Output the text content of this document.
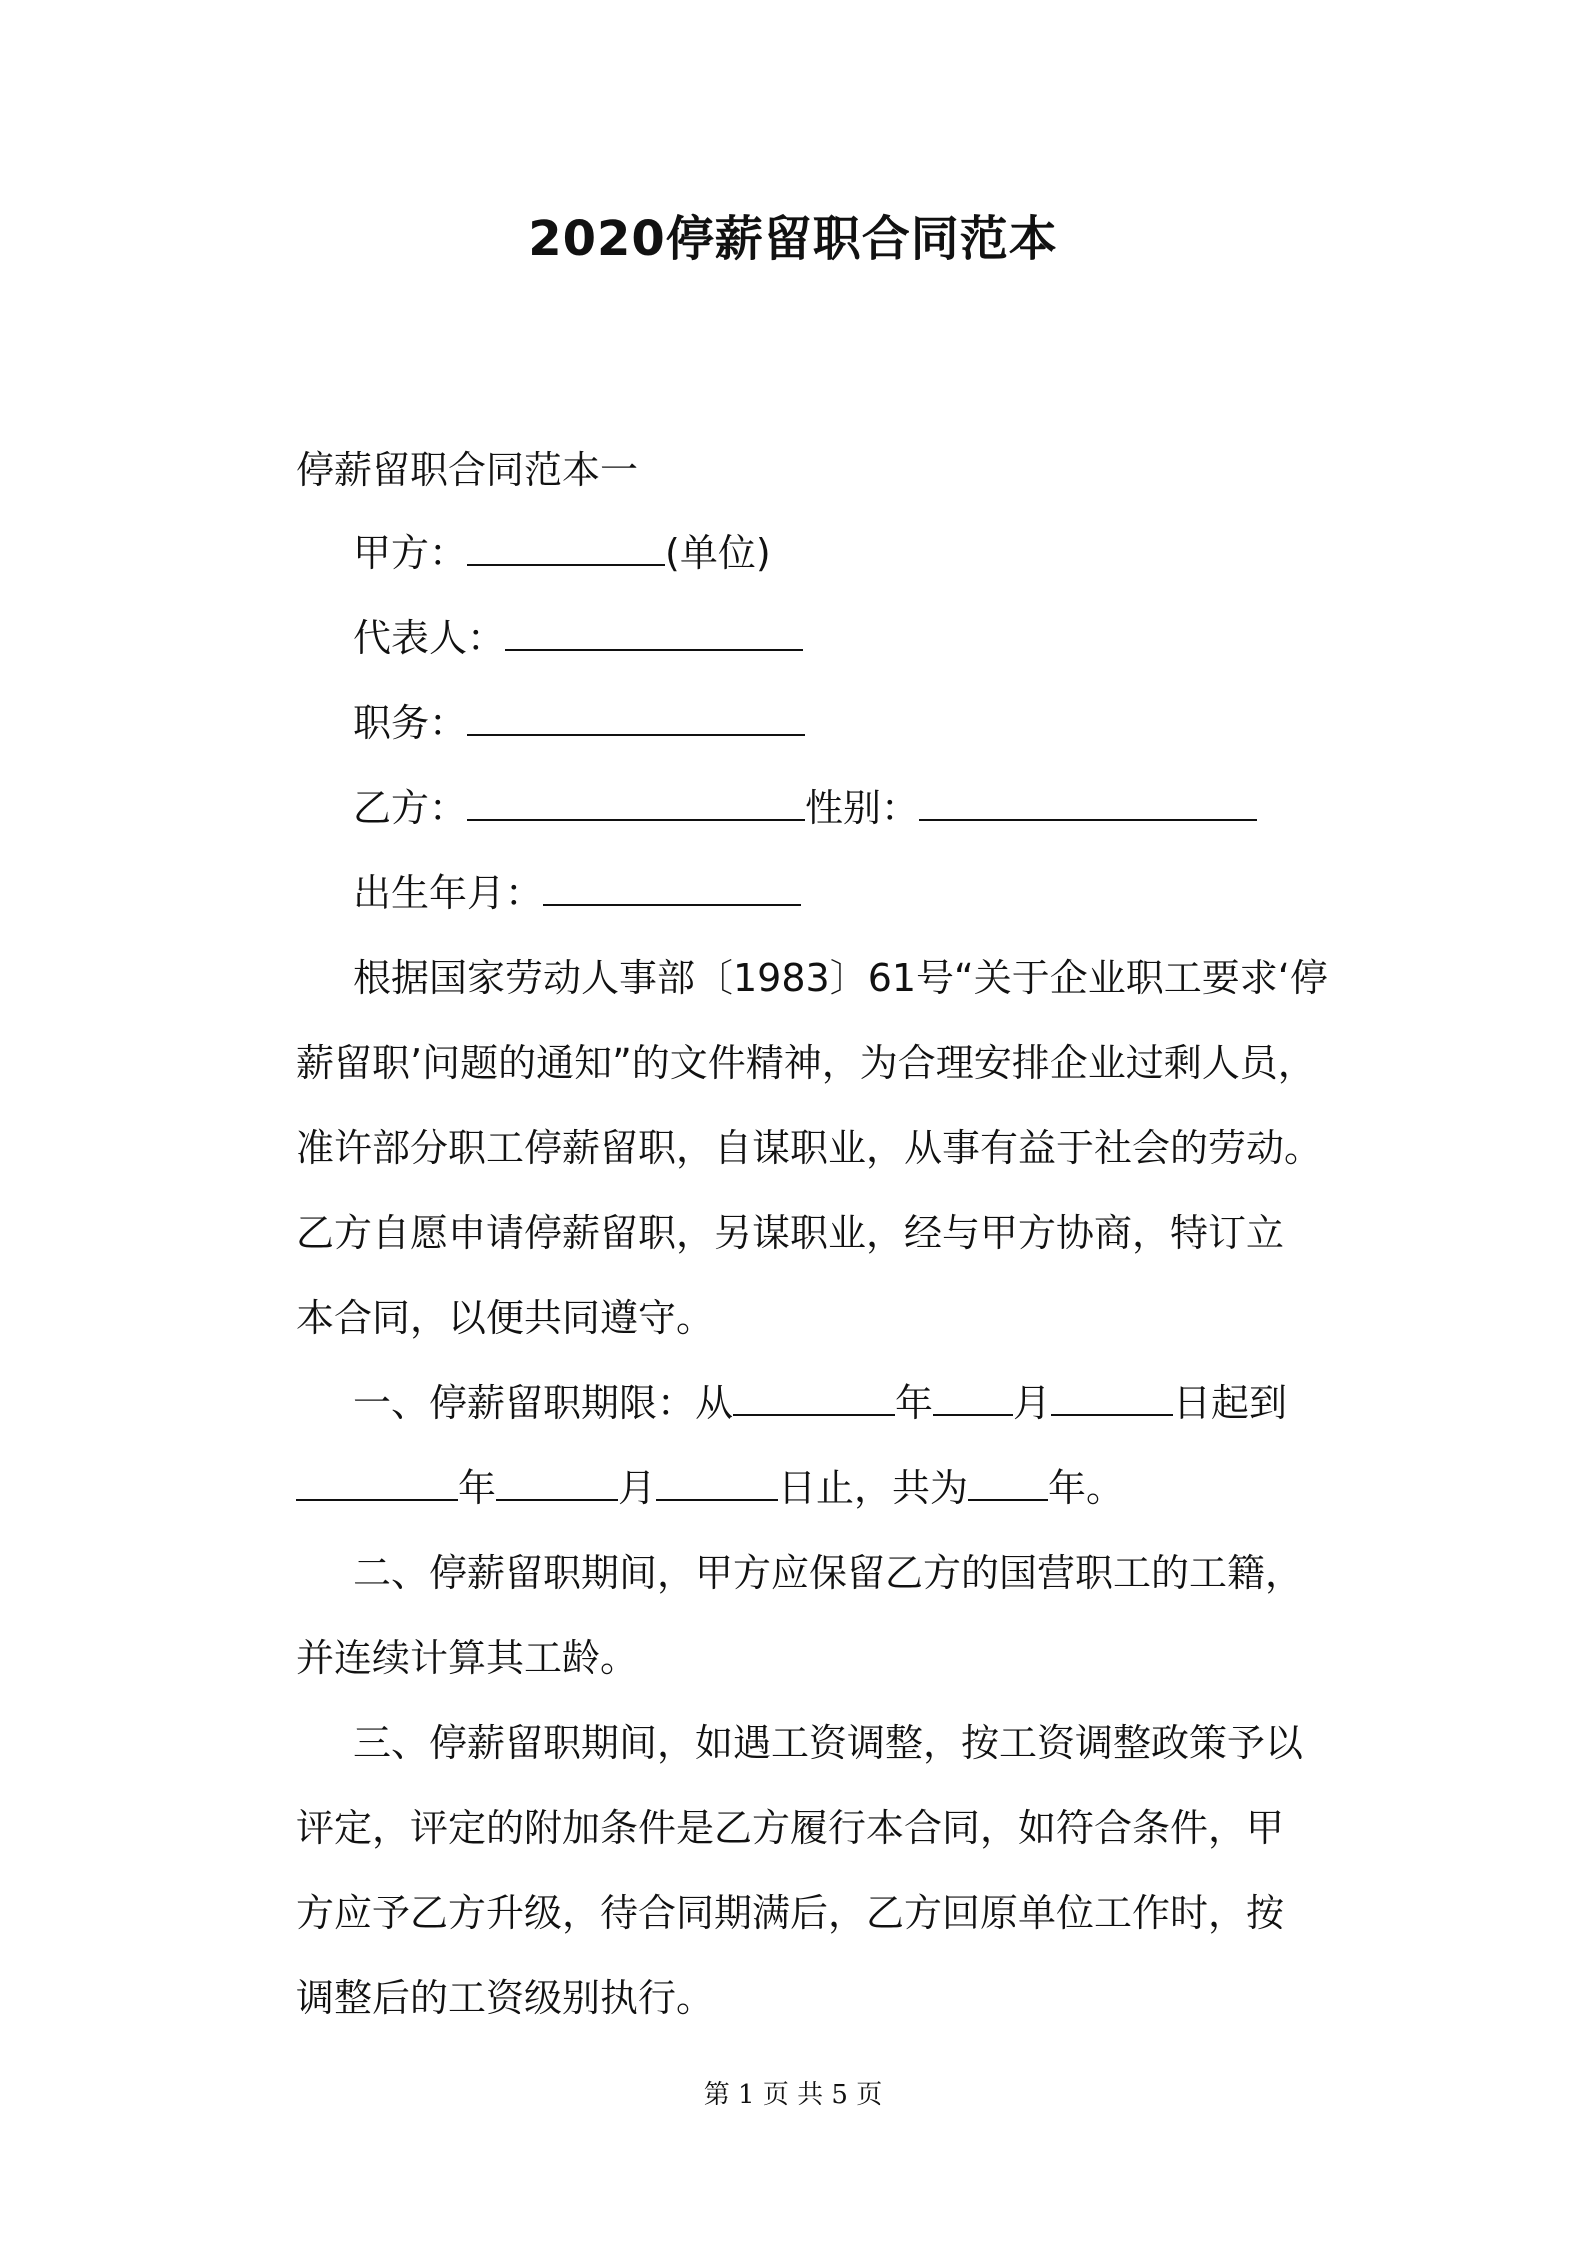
2020停薪留职合同范本
停薪留职合同范本一
甲方：	(单位)
代表人：
职务：
乙方：	性别：
出生年月：
根据国家劳动人事部〔1983〕61号“关于企业职工要求‘停
薪留职’问题的通知”的文件精神，为合理安排企业过剩人员，
准许部分职工停薪留职，自谋职业，从事有益于社会的劳动。
乙方自愿申请停薪留职，另谋职业，经与甲方协商，特订立
本合同，以便共同遵守。
一、停薪留职期限：从	年 月	日起到
年	月	日止，共为 年。
二、停薪留职期间，甲方应保留乙方的国营职工的工籍，
并连续计算其工龄。
三、停薪留职期间，如遇工资调整，按工资调整政策予以
评定，评定的附加条件是乙方履行本合同，如符合条件，甲
方应予乙方升级，待合同期满后，乙方回原单位工作时，按
调整后的工资级别执行。
第 1 页 共 5 页
